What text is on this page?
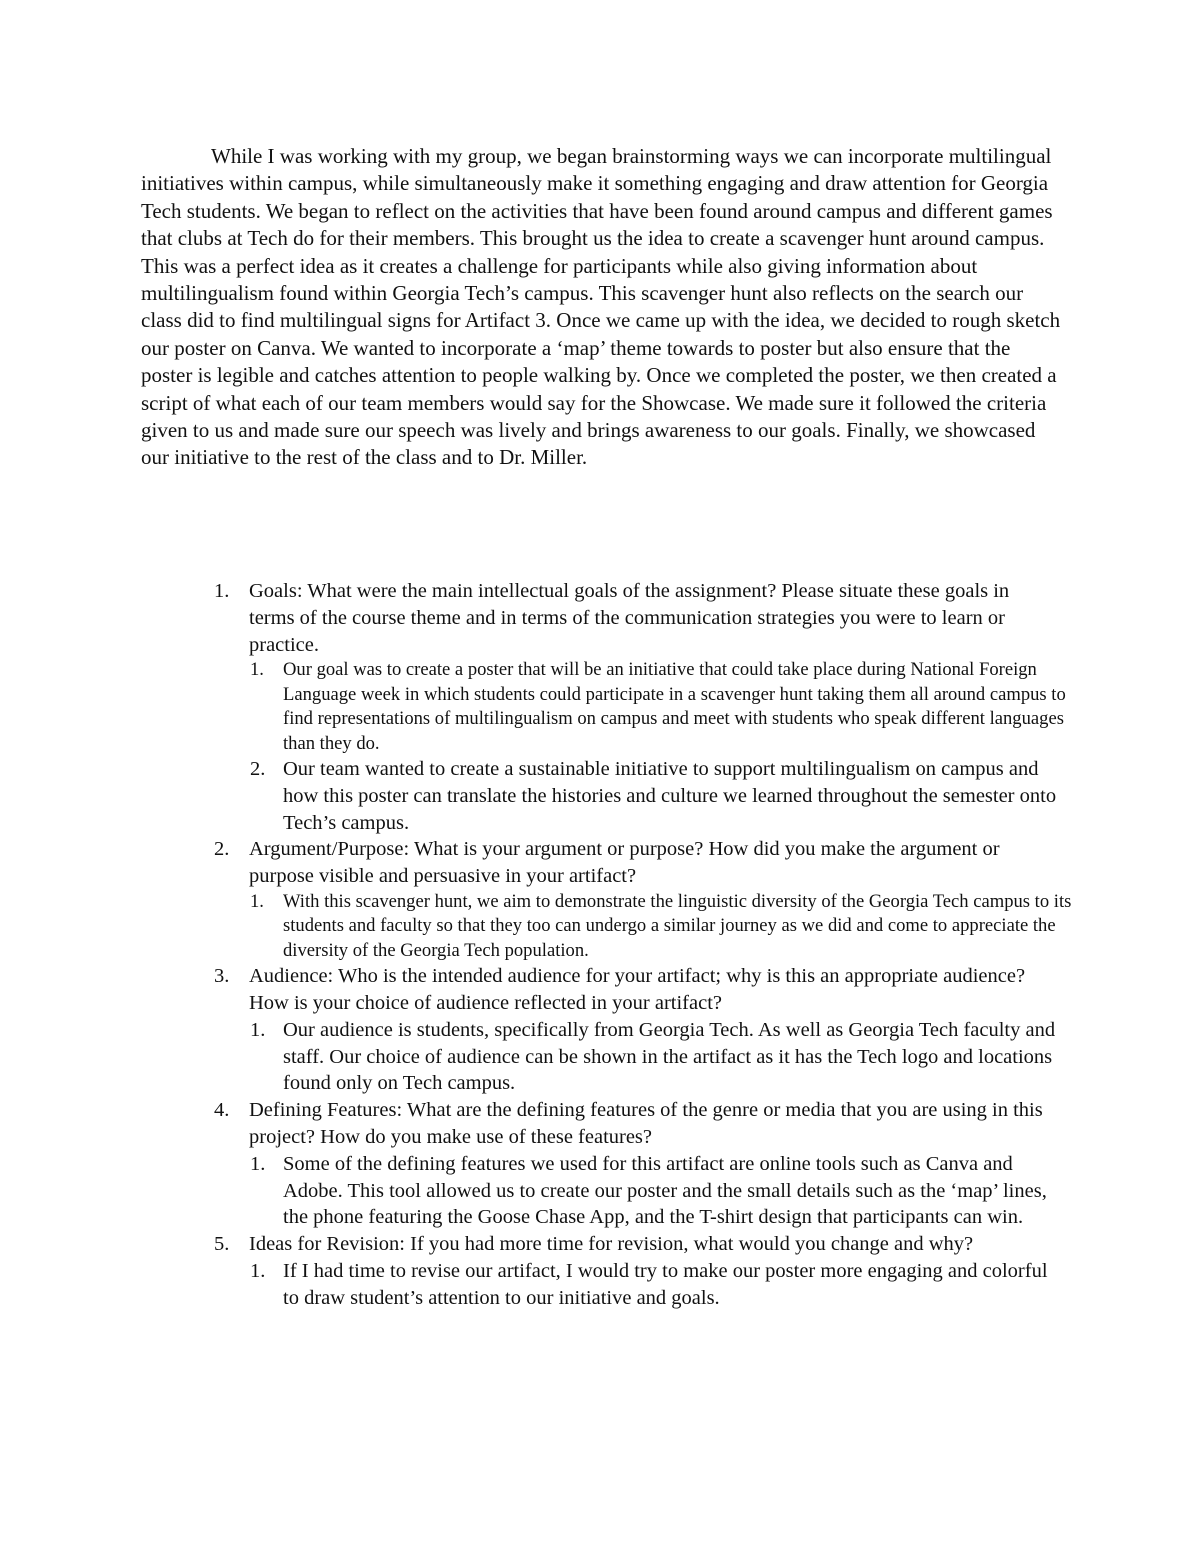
While I was working with my group, we began brainstorming ways we can incorporate multilingual initiatives within campus, while simultaneously make it something engaging and draw attention for Georgia Tech students. We began to reflect on the activities that have been found around campus and different games that clubs at Tech do for their members. This brought us the idea to create a scavenger hunt around campus. This was a perfect idea as it creates a challenge for participants while also giving information about multilingualism found within Georgia Tech’s campus. This scavenger hunt also reflects on the search our class did to find multilingual signs for Artifact 3. Once we came up with the idea, we decided to rough sketch our poster on Canva. We wanted to incorporate a ‘map’ theme towards to poster but also ensure that the poster is legible and catches attention to people walking by. Once we completed the poster, we then created a script of what each of our team members would say for the Showcase. We made sure it followed the criteria given to us and made sure our speech was lively and brings awareness to our goals. Finally, we showcased our initiative to the rest of the class and to Dr. Miller.

1. Goals: What were the main intellectual goals of the assignment? Please situate these goals in terms of the course theme and in terms of the communication strategies you were to learn or practice.
1. Our goal was to create a poster that will be an initiative that could take place during National Foreign Language week in which students could participate in a scavenger hunt taking them all around campus to find representations of multilingualism on campus and meet with students who speak different languages than they do.
2. Our team wanted to create a sustainable initiative to support multilingualism on campus and how this poster can translate the histories and culture we learned throughout the semester onto Tech’s campus.
2. Argument/Purpose: What is your argument or purpose? How did you make the argument or purpose visible and persuasive in your artifact?
1. With this scavenger hunt, we aim to demonstrate the linguistic diversity of the Georgia Tech campus to its students and faculty so that they too can undergo a similar journey as we did and come to appreciate the diversity of the Georgia Tech population.
3. Audience: Who is the intended audience for your artifact; why is this an appropriate audience? How is your choice of audience reflected in your artifact?
1. Our audience is students, specifically from Georgia Tech. As well as Georgia Tech faculty and staff. Our choice of audience can be shown in the artifact as it has the Tech logo and locations found only on Tech campus.
4. Defining Features: What are the defining features of the genre or media that you are using in this project? How do you make use of these features?
1. Some of the defining features we used for this artifact are online tools such as Canva and Adobe. This tool allowed us to create our poster and the small details such as the ‘map’ lines, the phone featuring the Goose Chase App, and the T-shirt design that participants can win.
5. Ideas for Revision: If you had more time for revision, what would you change and why?
1. If I had time to revise our artifact, I would try to make our poster more engaging and colorful to draw student’s attention to our initiative and goals.
